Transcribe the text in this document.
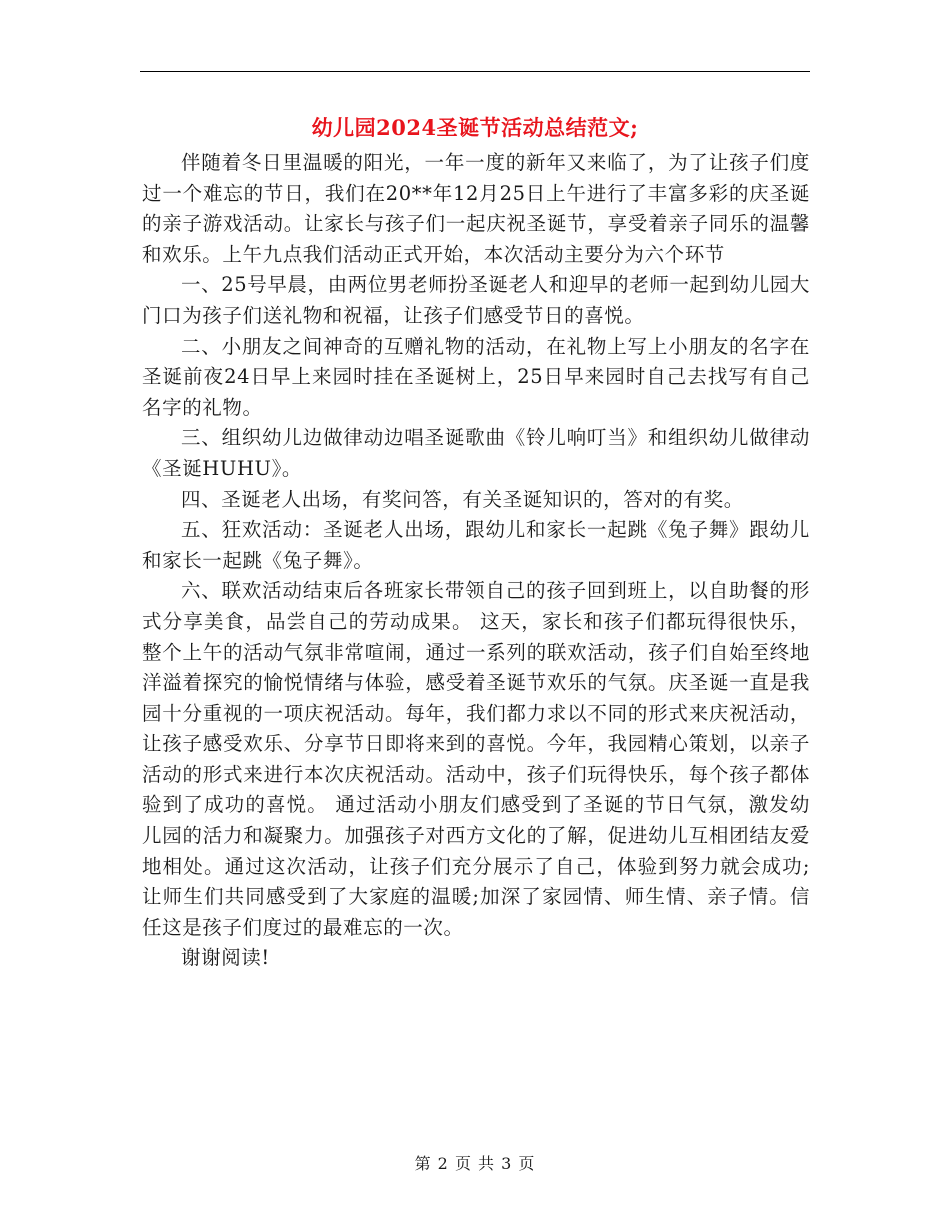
幼儿园2024圣诞节活动总结范文;

伴随着冬日里温暖的阳光，一年一度的新年又来临了，为了让孩子们度过一个难忘的节日，我们在20**年12月25日上午进行了丰富多彩的庆圣诞的亲子游戏活动。让家长与孩子们一起庆祝圣诞节，享受着亲子同乐的温馨和欢乐。上午九点我们活动正式开始，本次活动主要分为六个环节

一、25号早晨，由两位男老师扮圣诞老人和迎早的老师一起到幼儿园大门口为孩子们送礼物和祝福，让孩子们感受节日的喜悦。

二、小朋友之间神奇的互赠礼物的活动，在礼物上写上小朋友的名字在圣诞前夜24日早上来园时挂在圣诞树上，25日早来园时自己去找写有自己名字的礼物。

三、组织幼儿边做律动边唱圣诞歌曲《铃儿响叮当》和组织幼儿做律动《圣诞HUHU》。

四、圣诞老人出场，有奖问答，有关圣诞知识的，答对的有奖。

五、狂欢活动：圣诞老人出场，跟幼儿和家长一起跳《兔子舞》跟幼儿和家长一起跳《兔子舞》。

六、联欢活动结束后各班家长带领自己的孩子回到班上，以自助餐的形式分享美食，品尝自己的劳动成果。 这天，家长和孩子们都玩得很快乐，整个上午的活动气氛非常喧闹，通过一系列的联欢活动，孩子们自始至终地洋溢着探究的愉悦情绪与体验，感受着圣诞节欢乐的气氛。庆圣诞一直是我园十分重视的一项庆祝活动。每年，我们都力求以不同的形式来庆祝活动，让孩子感受欢乐、分享节日即将来到的喜悦。今年，我园精心策划，以亲子活动的形式来进行本次庆祝活动。活动中，孩子们玩得快乐，每个孩子都体验到了成功的喜悦。 通过活动小朋友们感受到了圣诞的节日气氛，激发幼儿园的活力和凝聚力。加强孩子对西方文化的了解，促进幼儿互相团结友爱地相处。通过这次活动，让孩子们充分展示了自己，体验到努力就会成功;让师生们共同感受到了大家庭的温暖;加深了家园情、师生情、亲子情。信任这是孩子们度过的最难忘的一次。

谢谢阅读!

第 2 页 共 3 页
